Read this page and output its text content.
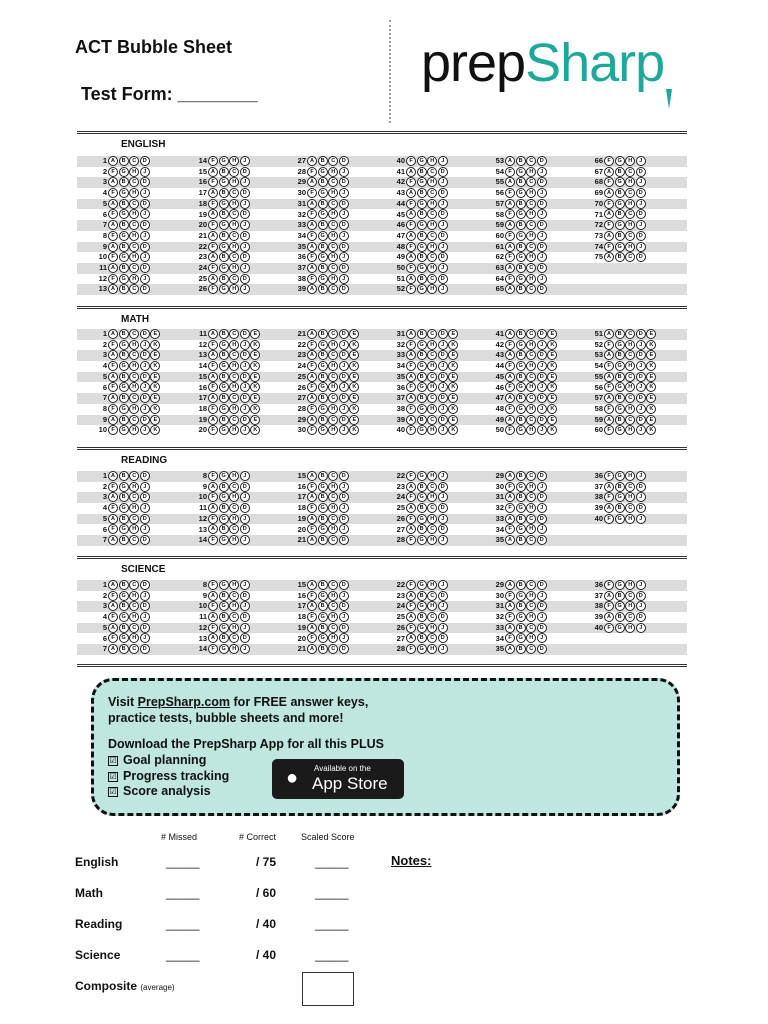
ACT Bubble Sheet
Test Form: ________
prepSharp
ENGLISH
1 A B C D
2 F G H J
3 A B C D
4 F G H J
5 A B C D
6 F G H J
7 A B C D
8 F G H J
9 A B C D
10 F G H J
11 A B C D
12 F G H J
13 A B C D
14 F G H J
15 A B C D
16 F G H J
17 A B C D
18 F G H J
19 A B C D
20 F G H J
21 A B C D
22 F G H J
23 A B C D
24 F G H J
25 A B C D
26 F G H J
27 A B C D
28 F G H J
29 A B C D
30 F G H J
31 A B C D
32 F G H J
33 A B C D
34 F G H J
35 A B C D
36 F G H J
37 A B C D
38 F G H J
39 A B C D
40 F G H J
41 A B C D
42 F G H J
43 A B C D
44 F G H J
45 A B C D
46 F G H J
47 A B C D
48 F G H J
49 A B C D
50 F G H J
51 A B C D
52 F G H J
53 A B C D
54 F G H J
55 A B C D
56 F G H J
57 A B C D
58 F G H J
59 A B C D
60 F G H J
61 A B C D
62 F G H J
63 A B C D
64 F G H J
65 A B C D
66 F G H J
67 A B C D
68 F G H J
69 A B C D
70 F G H J
71 A B C D
72 F G H J
73 A B C D
74 F G H J
75 A B C D
MATH
1 A B C D E
2 F G H J K
3 A B C D E
4 F G H J K
5 A B C D E
6 F G H J K
7 A B C D E
8 F G H J K
9 A B C D E
10 F G H J K
11 A B C D E
12 F G H J K
13 A B C D E
14 F G H J K
15 A B C D E
16 F G H J K
17 A B C D E
18 F G H J K
19 A B C D E
20 F G H J K
21 A B C D E
22 F G H J K
23 A B C D E
24 F G H J K
25 A B C D E
26 F G H J K
27 A B C D E
28 F G H J K
29 A B C D E
30 F G H J K
31 A B C D E
32 F G H J K
33 A B C D E
34 F G H J K
35 A B C D E
36 F G H J K
37 A B C D E
38 F G H J K
39 A B C D E
40 F G H J K
41 A B C D E
42 F G H J K
43 A B C D E
44 F G H J K
45 A B C D E
46 F G H J K
47 A B C D E
48 F G H J K
49 A B C D E
50 F G H J K
51 A B C D E
52 F G H J K
53 A B C D E
54 F G H J K
55 A B C D E
56 F G H J K
57 A B C D E
58 F G H J K
59 A B C D E
60 F G H J K
READING
1 A B C D
2 F G H J
3 A B C D
4 F G H J
5 A B C D
6 F G H J
7 A B C D
8 F G H J
9 A B C D
10 F G H J
11 A B C D
12 F G H J
13 A B C D
14 F G H J
15 A B C D
16 F G H J
17 A B C D
18 F G H J
19 A B C D
20 F G H J
21 A B C D
22 F G H J
23 A B C D
24 F G H J
25 A B C D
26 F G H J
27 A B C D
28 F G H J
29 A B C D
30 F G H J
31 A B C D
32 F G H J
33 A B C D
34 F G H J
35 A B C D
36 F G H J
37 A B C D
38 F G H J
39 A B C D
40 F G H J
SCIENCE
1 A B C D
2 F G H J
3 A B C D
4 F G H J
5 A B C D
6 F G H J
7 A B C D
8 F G H J
9 A B C D
10 F G H J
11 A B C D
12 F G H J
13 A B C D
14 F G H J
15 A B C D
16 F G H J
17 A B C D
18 F G H J
19 A B C D
20 F G H J
21 A B C D
22 F G H J
23 A B C D
24 F G H J
25 A B C D
26 F G H J
27 A B C D
28 F G H J
29 A B C D
30 F G H J
31 A B C D
32 F G H J
33 A B C D
34 F G H J
35 A B C D
36 F G H J
37 A B C D
38 F G H J
39 A B C D
40 F G H J
Visit PrepSharp.com for FREE answer keys,
practice tests, bubble sheets and more!
Download the PrepSharp App for all this PLUS
☑ Goal planning
☑ Progress tracking
☑ Score analysis
● Available on the
App Store
# Missed	# Correct	Scaled Score
English	_____	/ 75	_____	Notes:
Math	_____	/ 60	_____
Reading	_____	/ 40	_____
Science	_____	/ 40	_____
Composite (average)
